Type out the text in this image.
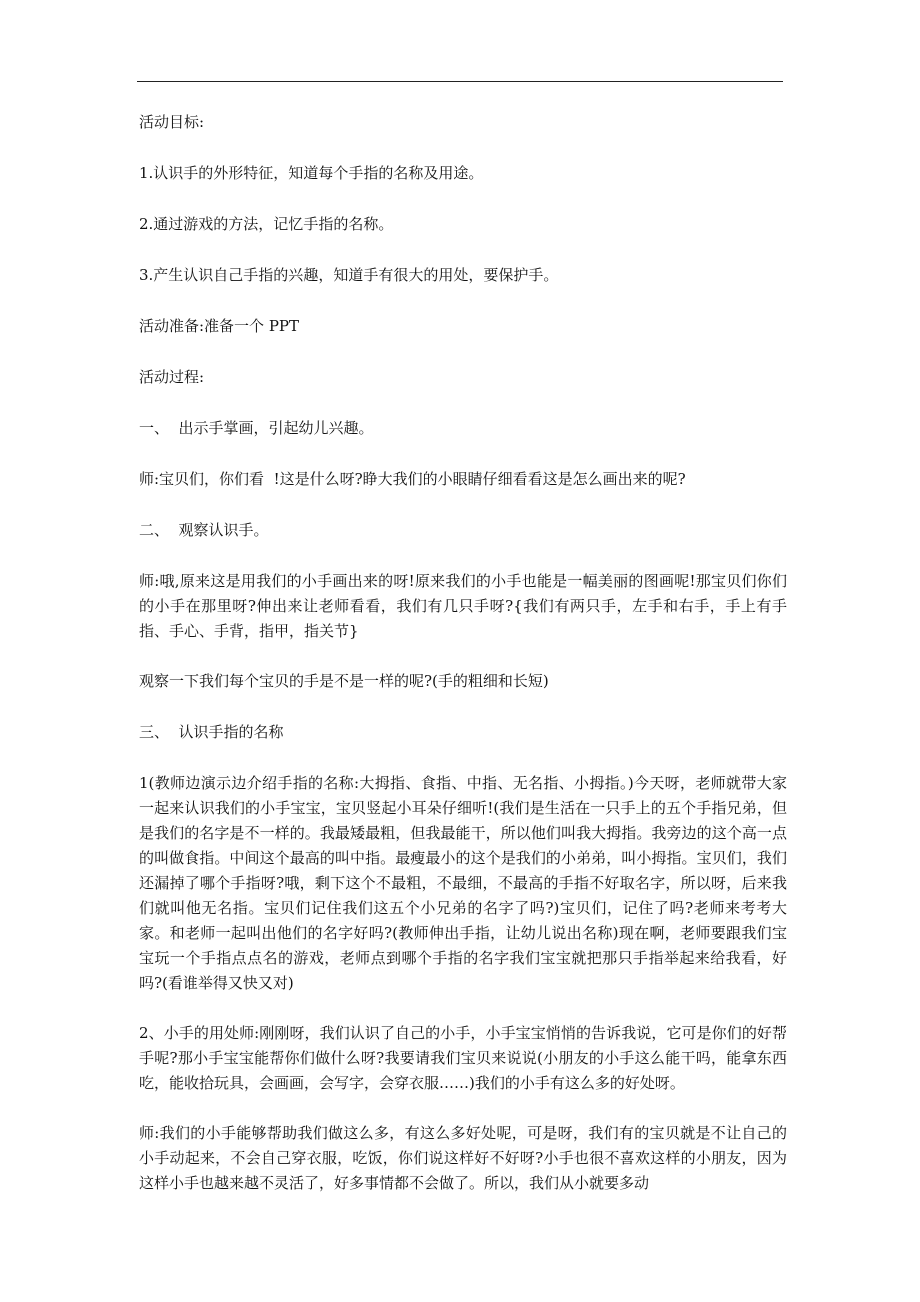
活动目标:

1.认识手的外形特征，知道每个手指的名称及用途。

2.通过游戏的方法，记忆手指的名称。

3.产生认识自己手指的兴趣，知道手有很大的用处，要保护手。

活动准备:准备一个 PPT

活动过程:

一、  出示手掌画，引起幼儿兴趣。

师:宝贝们，你们看  !这是什么呀?睁大我们的小眼睛仔细看看这是怎么画出来的呢?

二、  观察认识手。

师:哦,原来这是用我们的小手画出来的呀!原来我们的小手也能是一幅美丽的图画呢!那宝贝们你们的小手在那里呀?伸出来让老师看看，我们有几只手呀?{我们有两只手，左手和右手，手上有手指、手心、手背，指甲，指关节}

观察一下我们每个宝贝的手是不是一样的呢?(手的粗细和长短)

三、  认识手指的名称

1(教师边演示边介绍手指的名称:大拇指、食指、中指、无名指、小拇指。)今天呀，老师就带大家一起来认识我们的小手宝宝，宝贝竖起小耳朵仔细听!(我们是生活在一只手上的五个手指兄弟，但是我们的名字是不一样的。我最矮最粗，但我最能干，所以他们叫我大拇指。我旁边的这个高一点的叫做食指。中间这个最高的叫中指。最瘦最小的这个是我们的小弟弟，叫小拇指。宝贝们，我们还漏掉了哪个手指呀?哦，剩下这个不最粗，不最细，不最高的手指不好取名字，所以呀，后来我们就叫他无名指。宝贝们记住我们这五个小兄弟的名字了吗?)宝贝们，记住了吗?老师来考考大家。和老师一起叫出他们的名字好吗?(教师伸出手指，让幼儿说出名称)现在啊，老师要跟我们宝宝玩一个手指点点名的游戏，老师点到哪个手指的名字我们宝宝就把那只手指举起来给我看，好吗?(看谁举得又快又对)

2、小手的用处师:刚刚呀，我们认识了自己的小手，小手宝宝悄悄的告诉我说，它可是你们的好帮手呢?那小手宝宝能帮你们做什么呀?我要请我们宝贝来说说(小朋友的小手这么能干吗，能拿东西吃，能收拾玩具，会画画，会写字，会穿衣服……)我们的小手有这么多的好处呀。

师:我们的小手能够帮助我们做这么多，有这么多好处呢，可是呀，我们有的宝贝就是不让自己的小手动起来，不会自己穿衣服，吃饭，你们说这样好不好呀?小手也很不喜欢这样的小朋友，因为这样小手也越来越不灵活了，好多事情都不会做了。所以，我们从小就要多动
